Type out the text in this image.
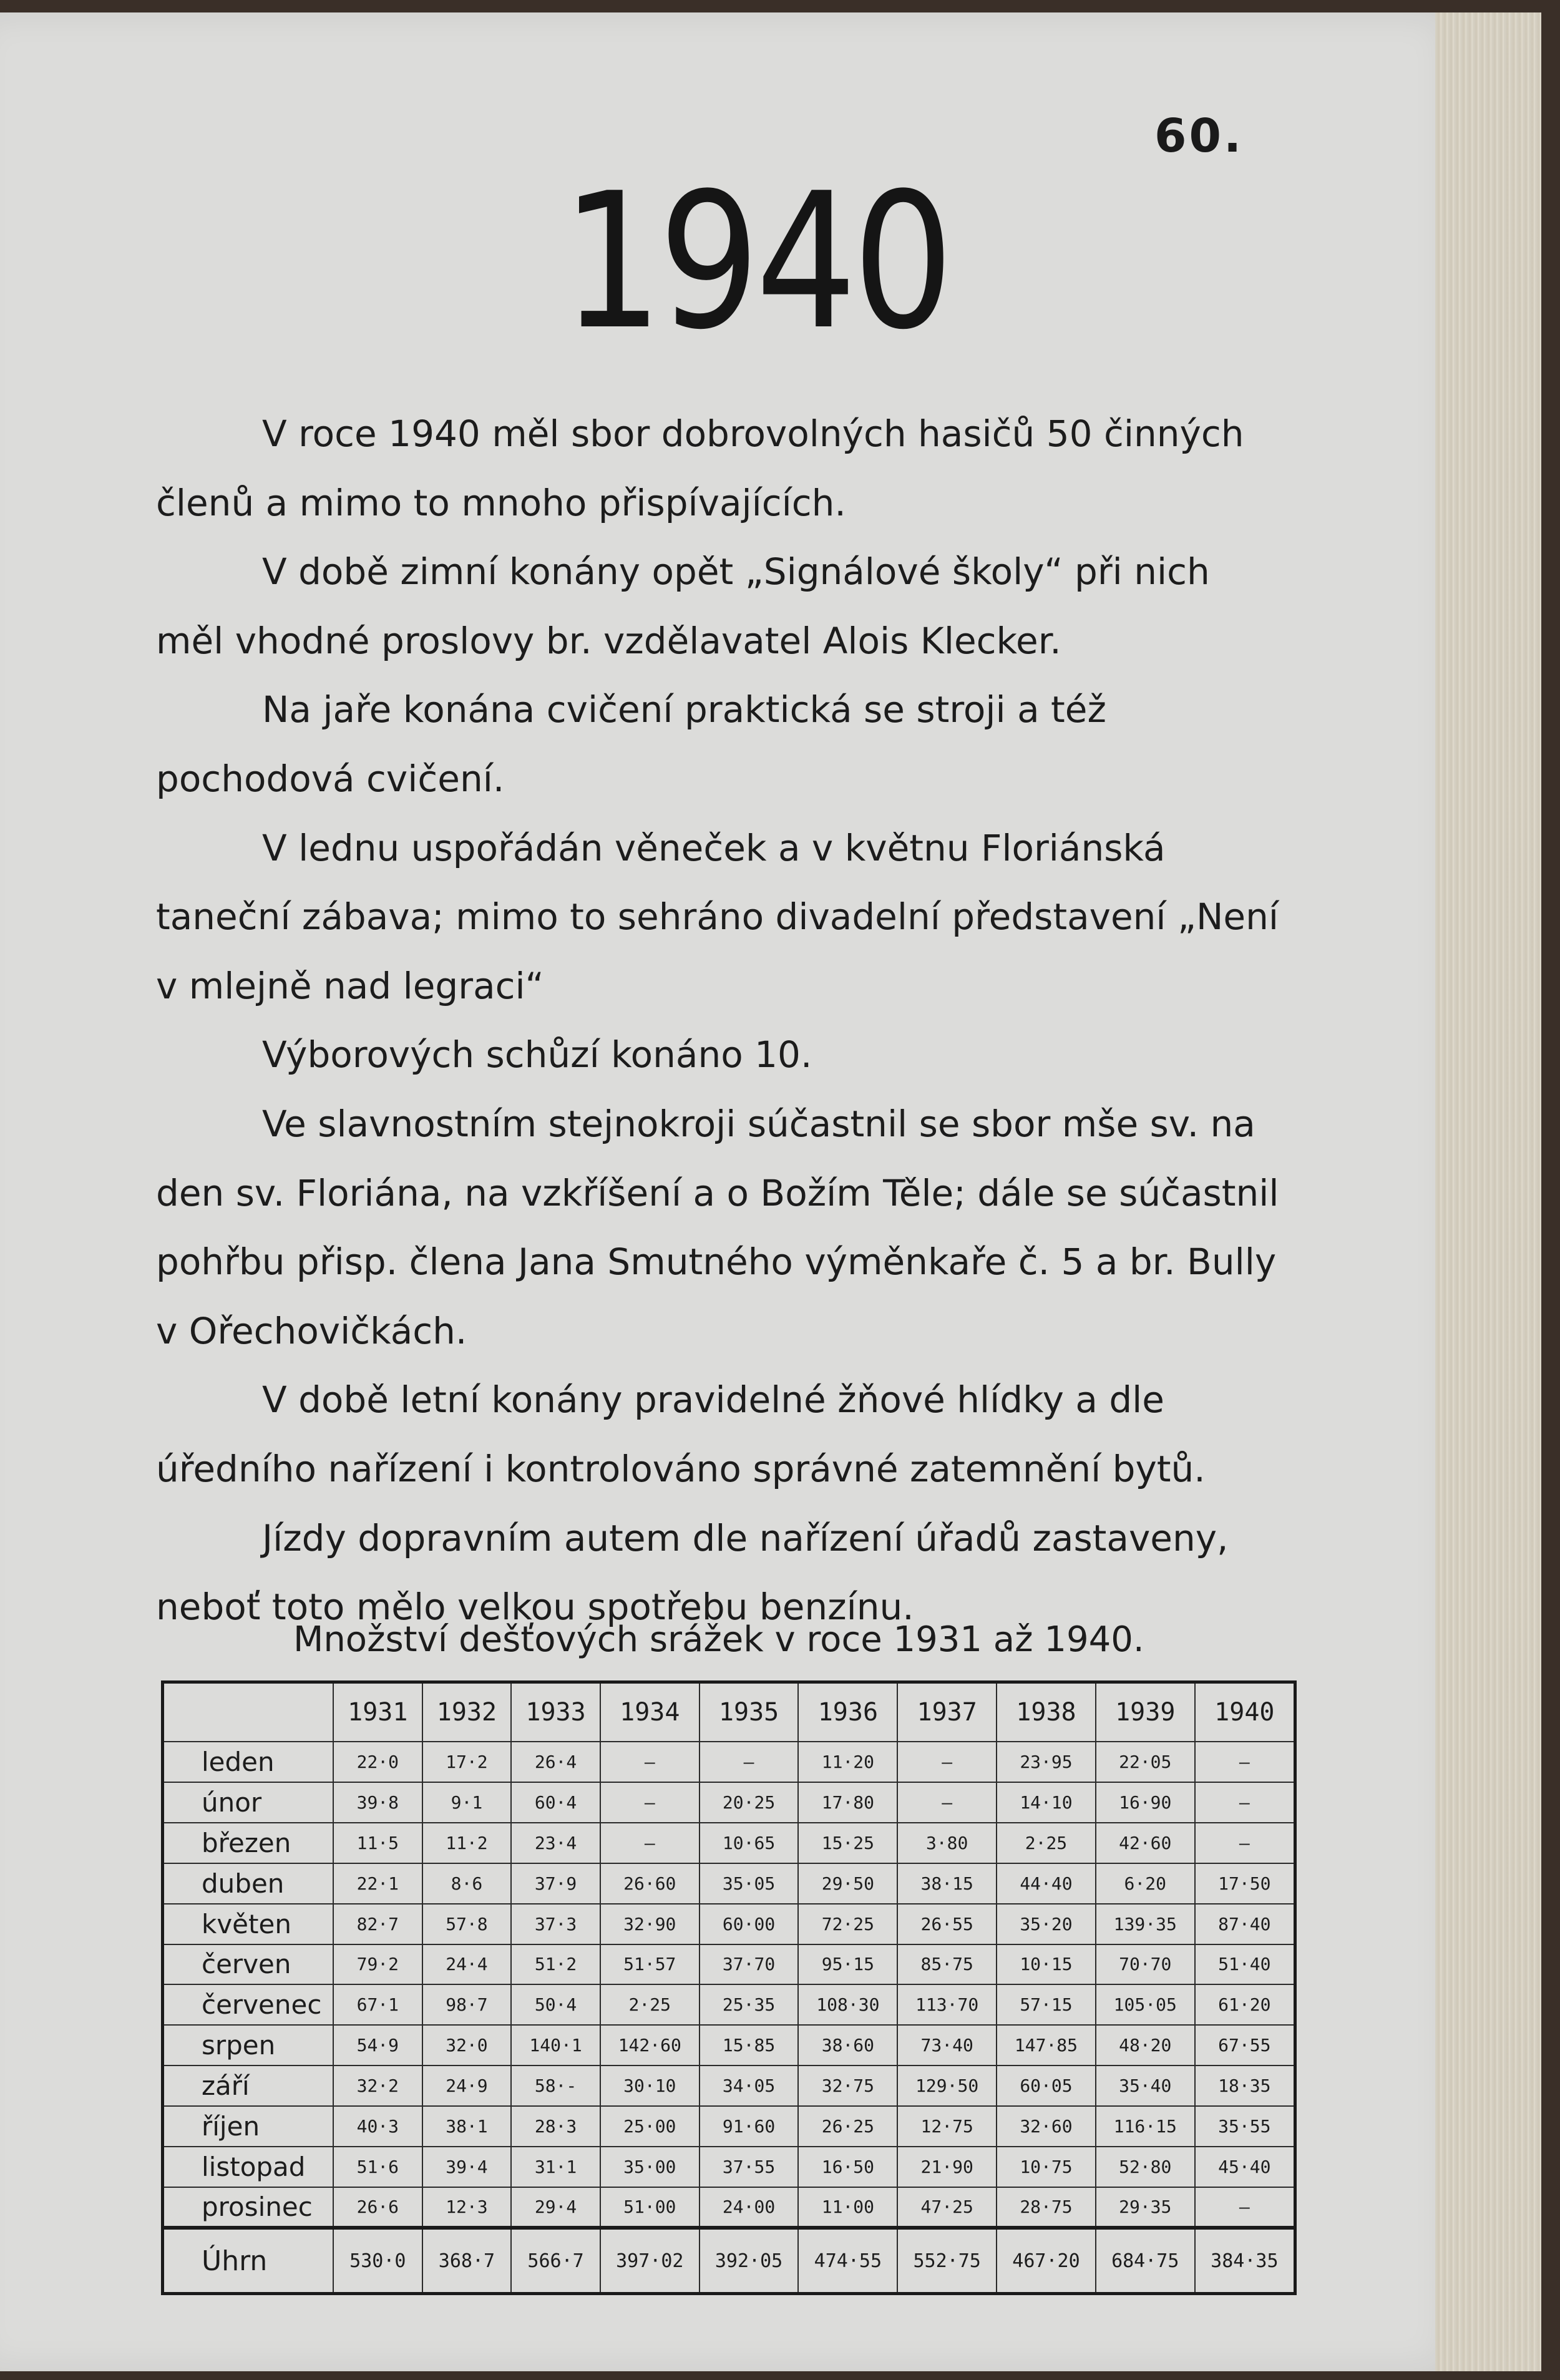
60.
1940

V roce 1940 měl sbor dobrovolných hasičů 50 činných členů a mimo to mnoho přispívajících.

V době zimní konány opět „Signálové školy“ při nich měl vhodné proslovy br. vzdělavatel Alois Klecker.

Na jaře konána cvičení praktická se stroji a též pochodová cvičení.

V lednu uspořádán věneček a v květnu Floriánská taneční zábava; mimo to sehráno divadelní představení „Není v mlejně nad legraci“

Výborových schůzí konáno 10.

Ve slavnostním stejnokroji súčastnil se sbor mše sv. na den sv. Floriána, na vzkříšení a o Božím Těle; dále se súčastnil pohřbu přisp. člena Jana Smutného výměnkaře č. 5 a br. Bully v Ořechovičkách.

V době letní konány pravidelné žňové hlídky a dle úředního nařízení i kontrolováno správné zatemnění bytů.

Jízdy dopravním autem dle nařízení úřadů zastaveny, neboť toto mělo velkou spotřebu benzínu.

Množství dešťových srážek v roce 1931 až 1940.
	1931	1932	1933	1934	1935	1936	1937	1938	1939	1940
leden	22·0	17·2	26·4	—	—	11·20	—	23·95	22·05	—
únor	39·8	9·1	60·4	—	20·25	17·80	—	14·10	16·90	—
březen	11·5	11·2	23·4	—	10·65	15·25	3·80	2·25	42·60	—
duben	22·1	8·6	37·9	26·60	35·05	29·50	38·15	44·40	6·20	17·50
květen	82·7	57·8	37·3	32·90	60·00	72·25	26·55	35·20	139·35	87·40
červen	79·2	24·4	51·2	51·57	37·70	95·15	85·75	10·15	70·70	51·40
červenec	67·1	98·7	50·4	2·25	25·35	108·30	113·70	57·15	105·05	61·20
srpen	54·9	32·0	140·1	142·60	15·85	38·60	73·40	147·85	48·20	67·55
září	32·2	24·9	58·-	30·10	34·05	32·75	129·50	60·05	35·40	18·35
říjen	40·3	38·1	28·3	25·00	91·60	26·25	12·75	32·60	116·15	35·55
listopad	51·6	39·4	31·1	35·00	37·55	16·50	21·90	10·75	52·80	45·40
prosinec	26·6	12·3	29·4	51·00	24·00	11·00	47·25	28·75	29·35	—
Úhrn	530·0	368·7	566·7	397·02	392·05	474·55	552·75	467·20	684·75	384·35
